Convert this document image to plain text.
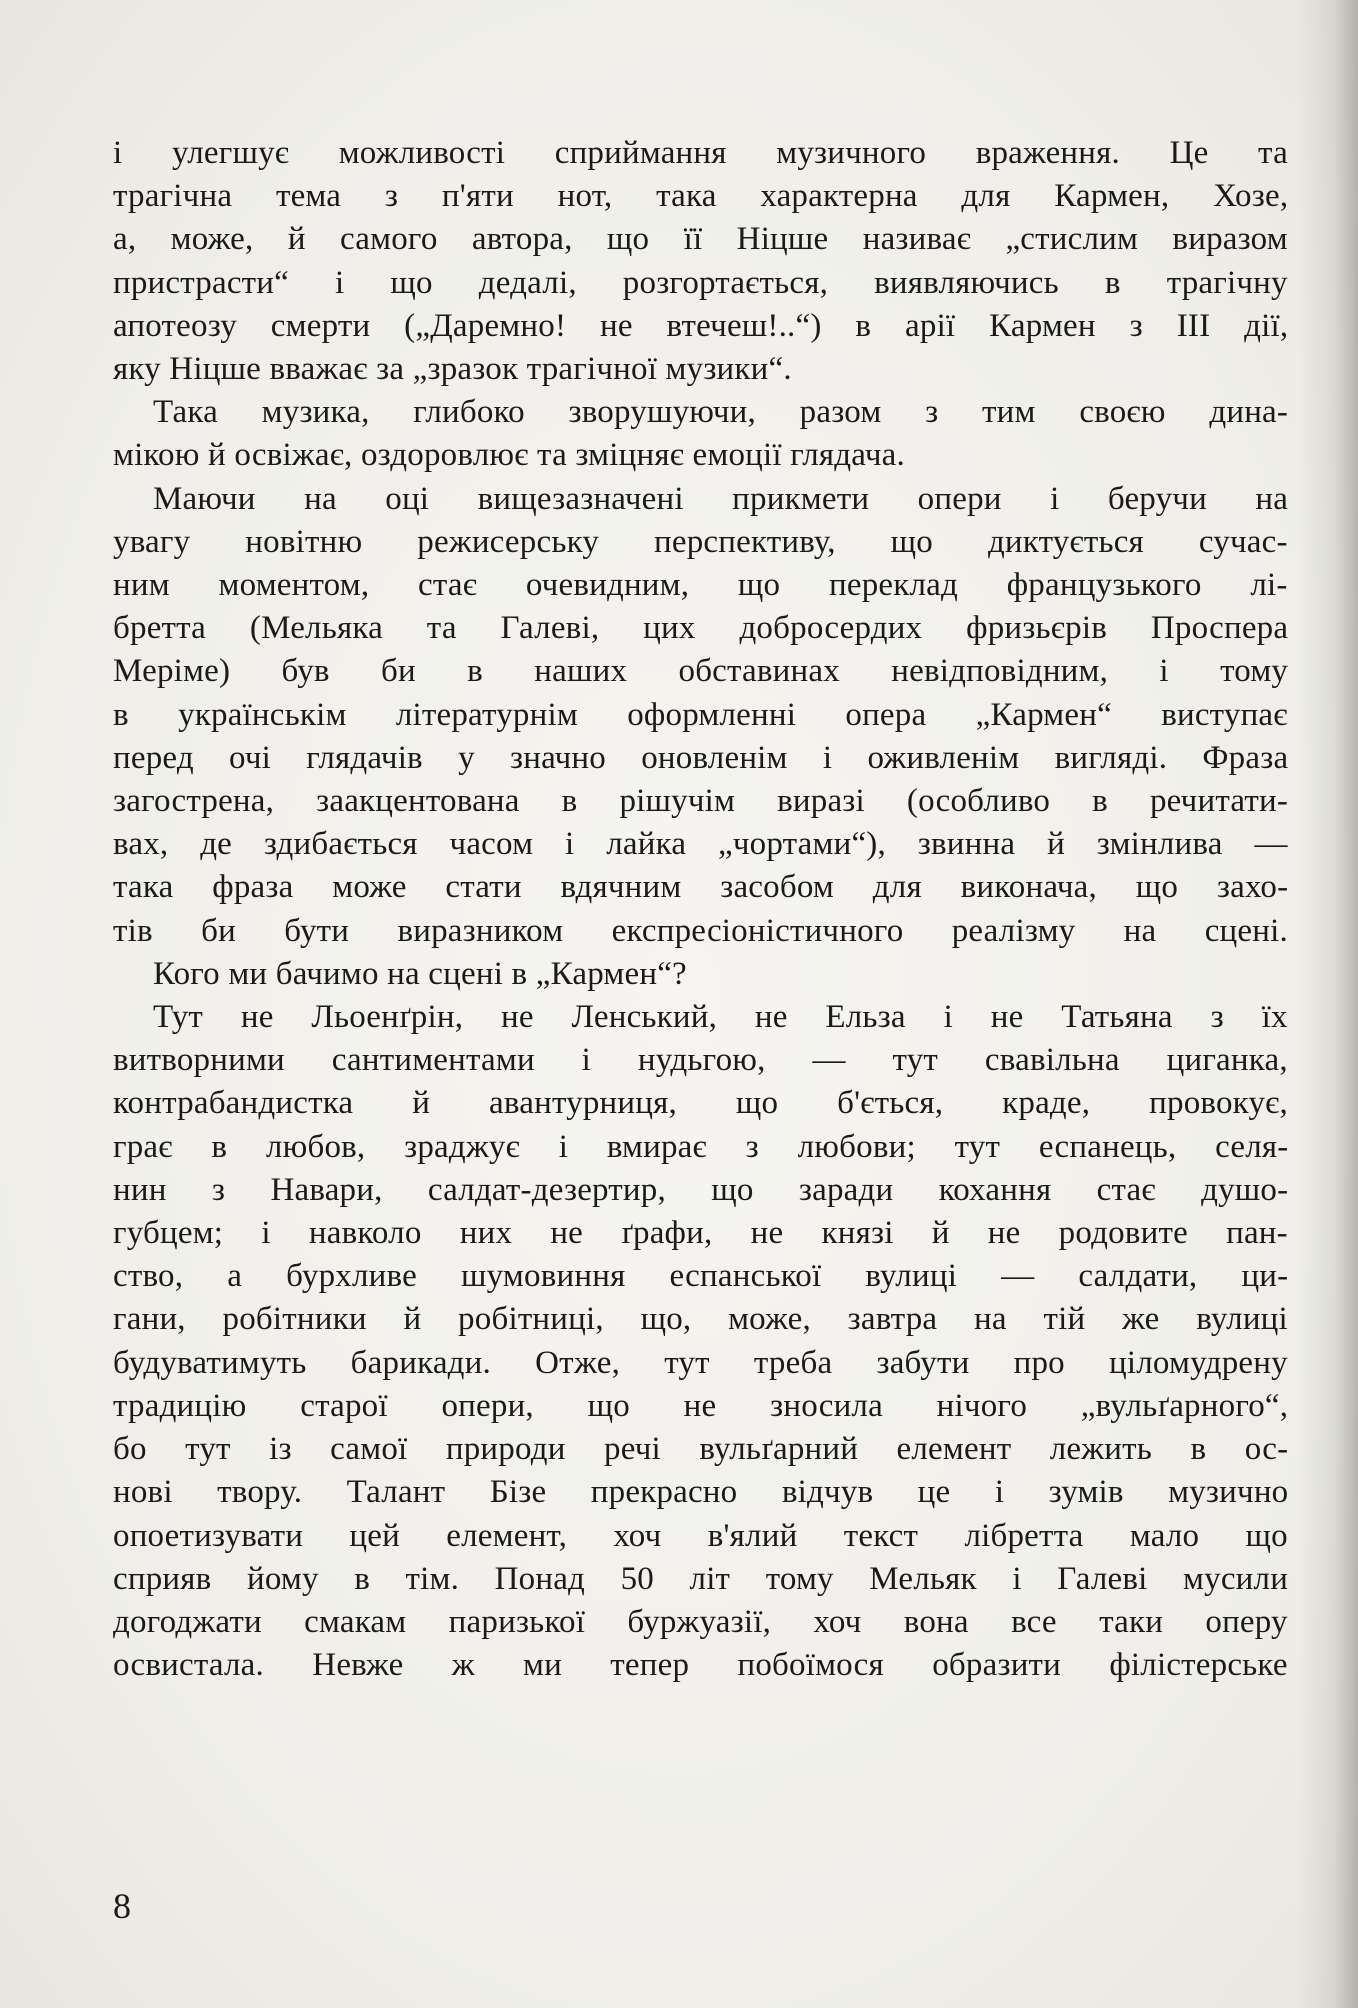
і улегшує можливості сприймання музичного враження. Це та
трагічна тема з п'яти нот, така характерна для Кармен, Хозе,
а, може, й самого автора, що її Ніцше називає „стислим виразом
пристрасти“ і що дедалі, розгортається, виявляючись в трагічну
апотеозу смерти („Даремно! не втечеш!..“) в арії Кармен з III дії,
яку Ніцше вважає за „зразок трагічної музики“.
Така музика, глибоко зворушуючи, разом з тим своєю дина-
мікою й освіжає, оздоровлює та зміцняє емоції глядача.
Маючи на оці вищезазначені прикмети опери і беручи на
увагу новітню режисерську перспективу, що диктується сучас-
ним моментом, стає очевидним, що переклад французького лі-
бретта (Мельяка та Галеві, цих добросердих фризьєрів Проспера
Меріме) був би в наших обставинах невідповідним, і тому
в українськім літературнім оформленні опера „Кармен“ виступає
перед очі глядачів у значно оновленім і оживленім вигляді. Фраза
загострена, заакцентована в рішучім виразі (особливо в речитати-
вах, де здибається часом і лайка „чортами“), звинна й змінлива —
така фраза може стати вдячним засобом для виконача, що захо-
тів би бути виразником експресіоністичного реалізму на сцені.
Кого ми бачимо на сцені в „Кармен“?
Тут не Льоенґрін, не Ленський, не Ельза і не Татьяна з їх
витворними сантиментами і нудьгою, — тут свавільна циганка,
контрабандистка й авантурниця, що б'ється, краде, провокує,
грає в любов, зраджує і вмирає з любови; тут еспанець, селя-
нин з Навари, салдат-дезертир, що заради кохання стає душо-
губцем; і навколо них не ґрафи, не князі й не родовите пан-
ство, а бурхливе шумовиння еспанської вулиці — салдати, ци-
гани, робітники й робітниці, що, може, завтра на тій же вулиці
будуватимуть барикади. Отже, тут треба забути про ціломудрену
традицію старої опери, що не зносила нічого „вульґарного“,
бо тут із самої природи речі вульґарний елемент лежить в ос-
нові твору. Талант Бізе прекрасно відчув це і зумів музично
опоетизувати цей елемент, хоч в'ялий текст лібретта мало що
сприяв йому в тім. Понад 50 літ тому Мельяк і Галеві мусили
догоджати смакам паризької буржуазії, хоч вона все таки оперу
освистала. Невже ж ми тепер побоїмося образити філістерське
8
